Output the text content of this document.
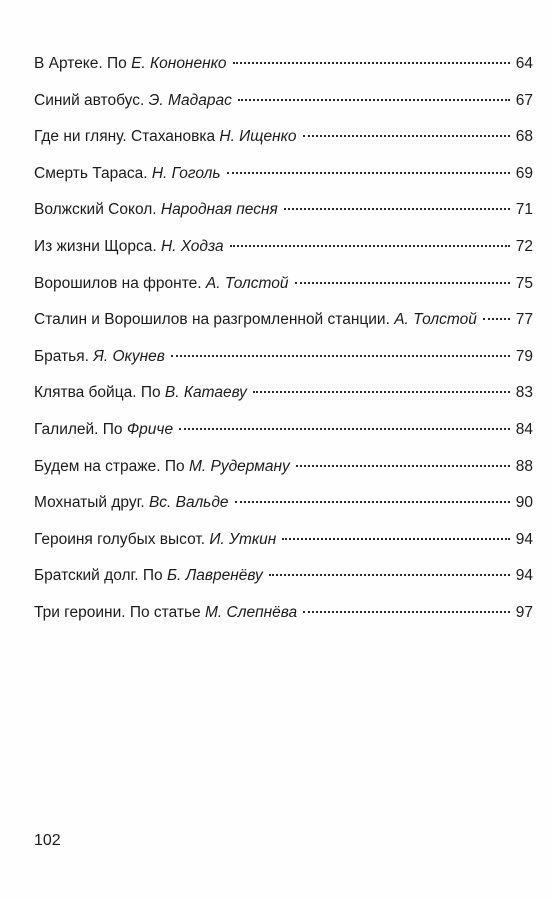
В Артеке. По Е. Кононенко	64
Синий автобус. Э. Мадарас	67
Где ни гляну. Стахановка Н. Ищенко	68
Смерть Тараса. Н. Гоголь	69
Волжский Сокол. Народная песня	71
Из жизни Щорса. Н. Ходза	72
Ворошилов на фронте. А. Толстой	75
Сталин и Ворошилов на разгромленной станции. А. Толстой	77
Братья. Я. Окунев	79
Клятва бойца. По В. Катаеву	83
Галилей. По Фриче	84
Будем на страже. По М. Рудерману	88
Мохнатый друг. Вс. Вальде	90
Героиня голубых высот. И. Уткин	94
Братский долг. По Б. Лавренёву	94
Три героини. По статье М. Слепнёва	97
102
